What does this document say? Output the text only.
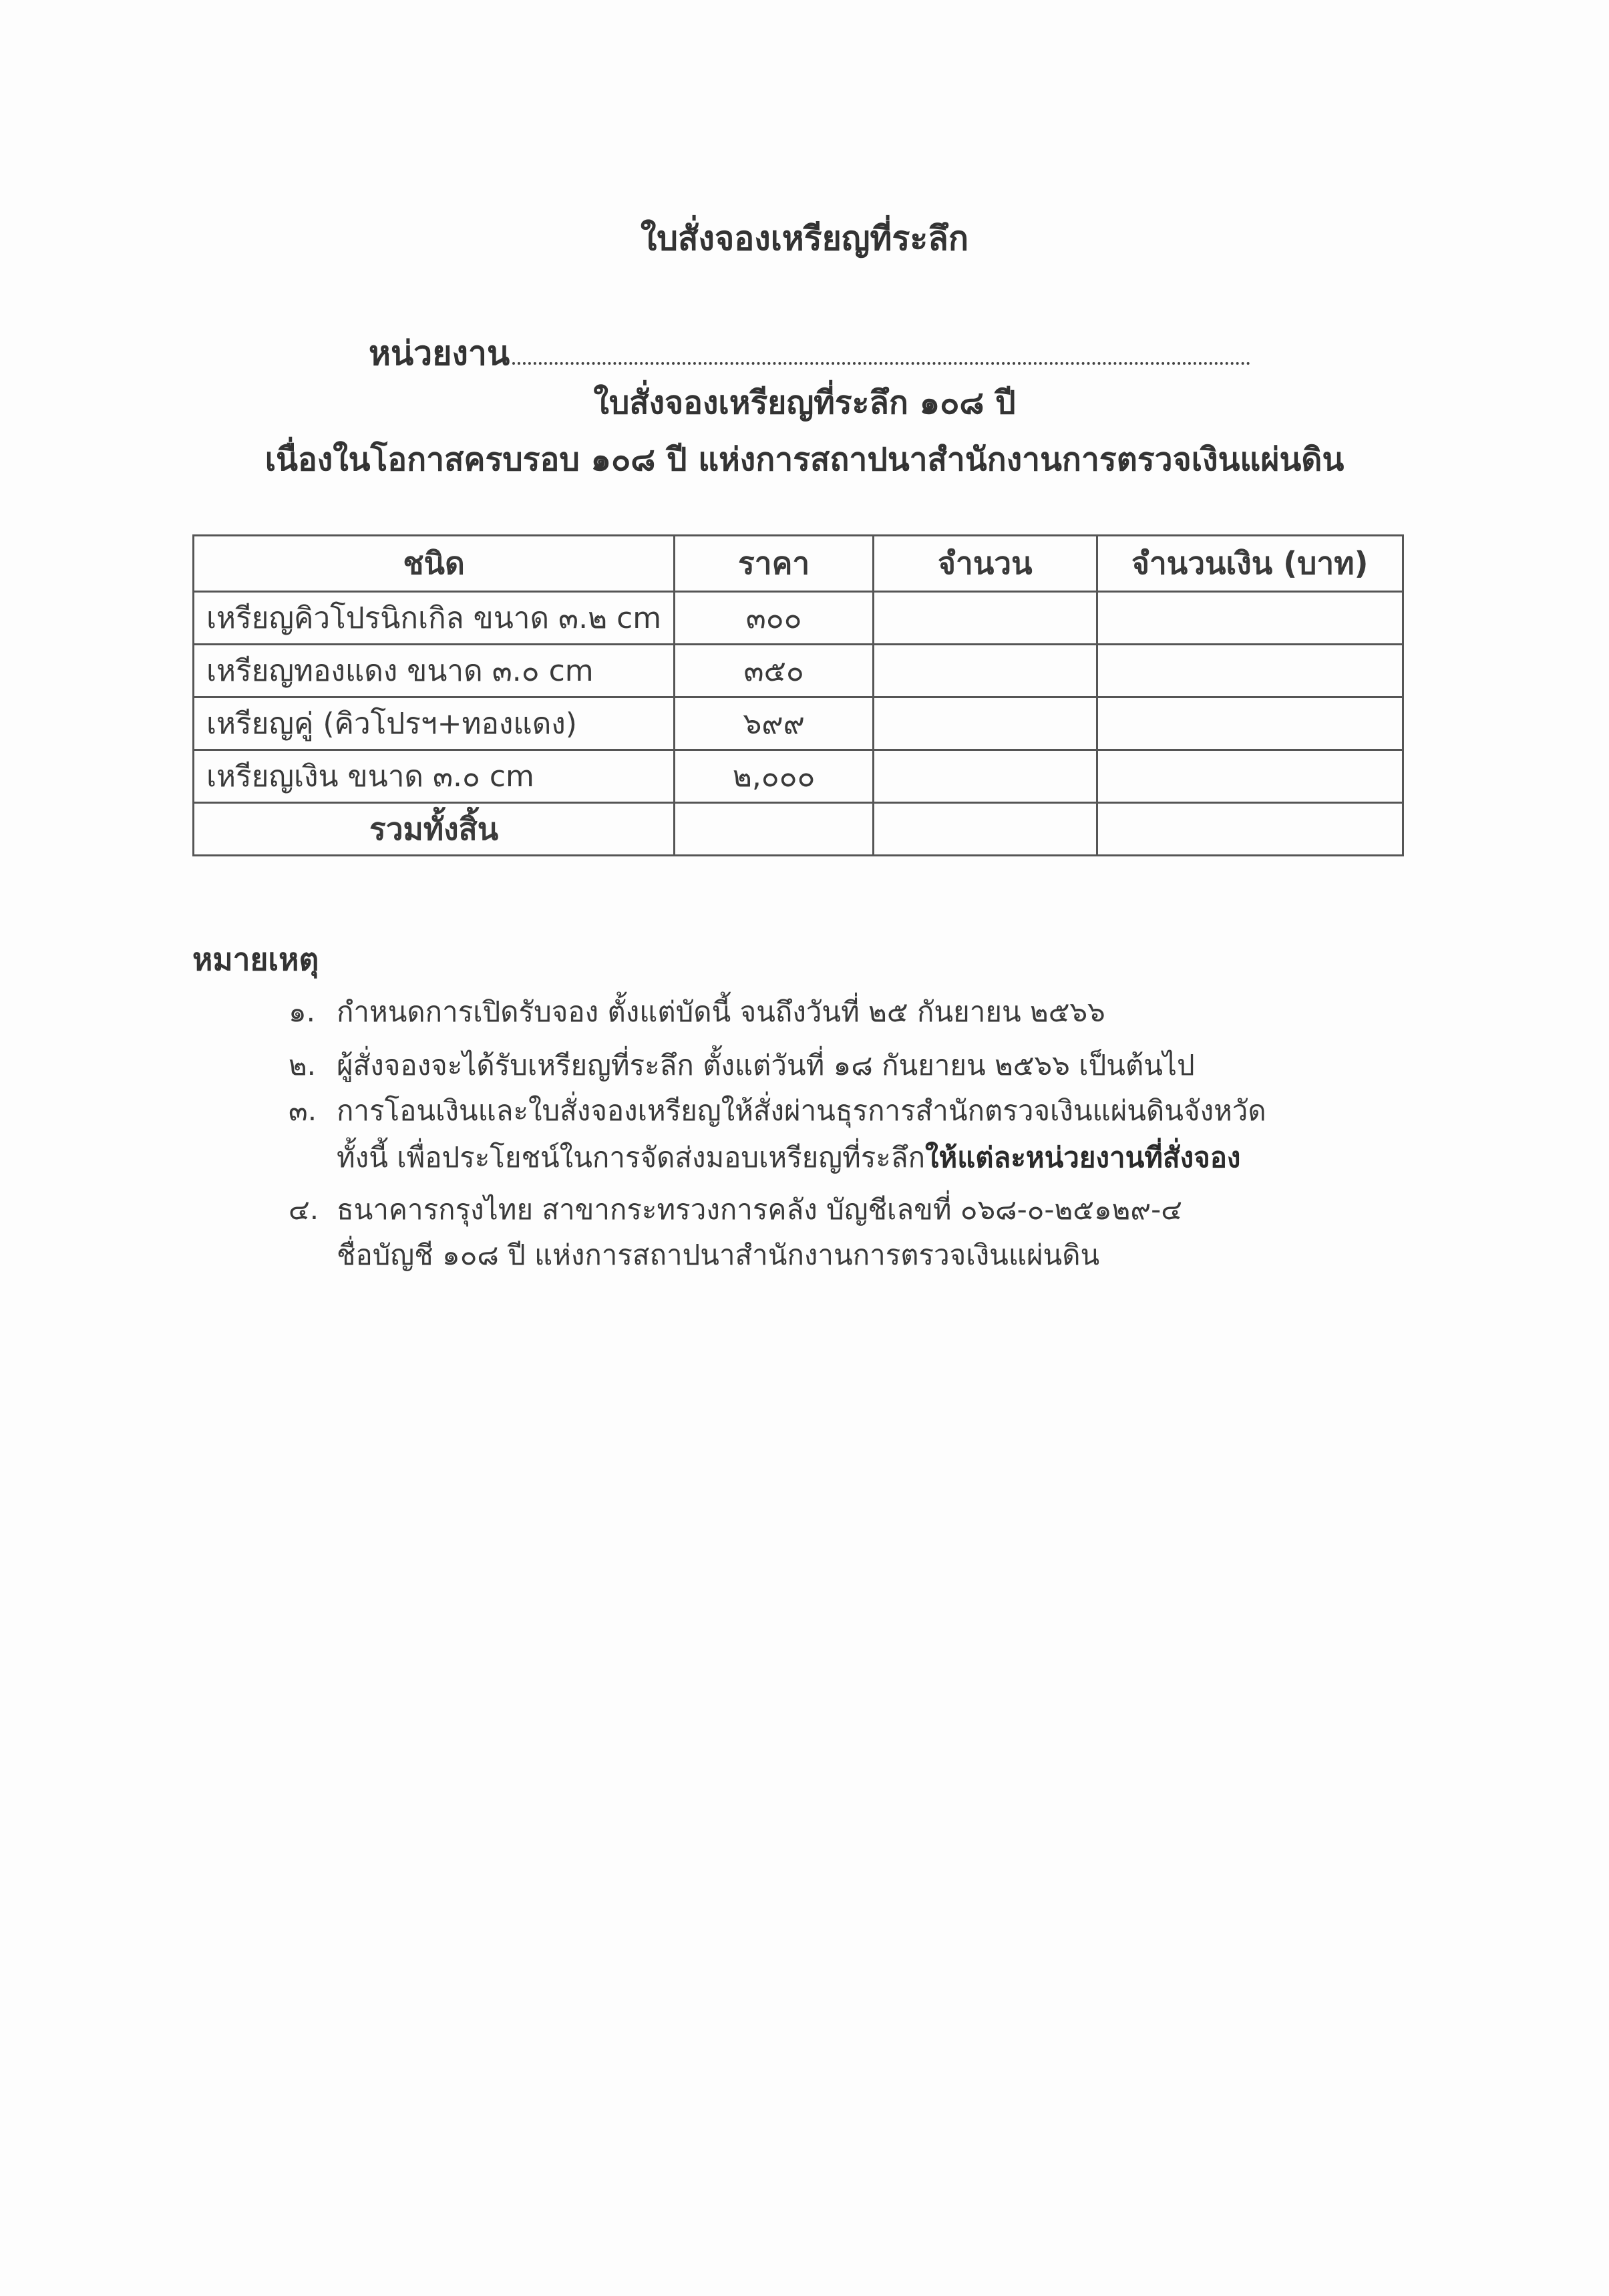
ใบสั่งจองเหรียญที่ระลึก
หน่วยงาน
ใบสั่งจองเหรียญที่ระลึก ๑๐๘ ปี
เนื่องในโอกาสครบรอบ ๑๐๘ ปี แห่งการสถาปนาสำนักงานการตรวจเงินแผ่นดิน
ชนิด	ราคา	จำนวน	จำนวนเงิน (บาท)
เหรียญคิวโปรนิกเกิล ขนาด ๓.๒ cm	๓๐๐		
เหรียญทองแดง ขนาด ๓.๐ cm	๓๕๐		
เหรียญคู่ (คิวโปรฯ+ทองแดง)	๖๙๙		
เหรียญเงิน ขนาด ๓.๐ cm	๒,๐๐๐		
รวมทั้งสิ้น			
หมายเหตุ
๑. กำหนดการเปิดรับจอง ตั้งแต่บัดนี้ จนถึงวันที่ ๒๕ กันยายน ๒๕๖๖
๒. ผู้สั่งจองจะได้รับเหรียญที่ระลึก ตั้งแต่วันที่ ๑๘ กันยายน ๒๕๖๖ เป็นต้นไป
๓. การโอนเงินและใบสั่งจองเหรียญให้สั่งผ่านธุรการสำนักตรวจเงินแผ่นดินจังหวัด
ทั้งนี้ เพื่อประโยชน์ในการจัดส่งมอบเหรียญที่ระลึกให้แต่ละหน่วยงานที่สั่งจอง
๔. ธนาคารกรุงไทย สาขากระทรวงการคลัง บัญชีเลขที่ ๐๖๘-๐-๒๕๑๒๙-๔
ชื่อบัญชี ๑๐๘ ปี แห่งการสถาปนาสำนักงานการตรวจเงินแผ่นดิน
